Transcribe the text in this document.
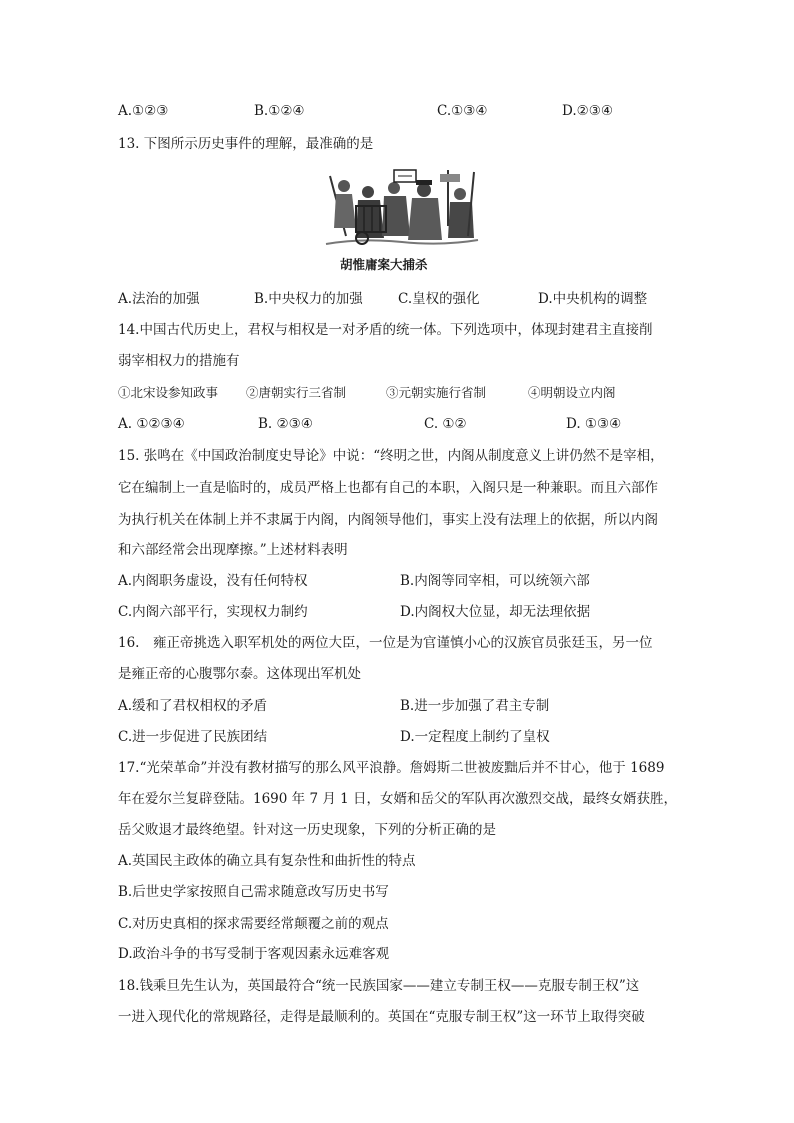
A.①②③	B.①②④	C.①③④	D.②③④
13. 下图所示历史事件的理解，最准确的是
胡惟庸案大捕杀
A.法治的加强	B.中央权力的加强	C.皇权的强化	D.中央机构的调整
14.中国古代历史上，君权与相权是一对矛盾的统一体。下列选项中，体现封建君主直接削
弱宰相权力的措施有
①北宋设参知政事 ②唐朝实行三省制	③元朝实施行省制	④明朝设立内阁
A. ①②③④	B. ②③④	C. ①②	D. ①③④
15. 张鸣在《中国政治制度史导论》中说：“终明之世，内阁从制度意义上讲仍然不是宰相，
它在编制上一直是临时的，成员严格上也都有自己的本职，入阁只是一种兼职。而且六部作
为执行机关在体制上并不隶属于内阁，内阁领导他们，事实上没有法理上的依据，所以内阁
和六部经常会出现摩擦。”上述材料表明
A.内阁职务虚设，没有任何特权	B.内阁等同宰相，可以统领六部
C.内阁六部平行，实现权力制约	D.内阁权大位显，却无法理依据
16.　雍正帝挑选入职军机处的两位大臣，一位是为官谨慎小心的汉族官员张廷玉，另一位
是雍正帝的心腹鄂尔泰。这体现出军机处
A.缓和了君权相权的矛盾	B.进一步加强了君主专制
C.进一步促进了民族团结	D.一定程度上制约了皇权
17.“光荣革命”并没有教材描写的那么风平浪静。詹姆斯二世被废黜后并不甘心，他于 1689
年在爱尔兰复辟登陆。1690 年 7 月 1 日，女婿和岳父的军队再次激烈交战，最终女婿获胜，
岳父败退才最终绝望。针对这一历史现象，下列的分析正确的是
A.英国民主政体的确立具有复杂性和曲折性的特点
B.后世史学家按照自己需求随意改写历史书写
C.对历史真相的探求需要经常颠覆之前的观点
D.政治斗争的书写受制于客观因素永远难客观
18.钱乘旦先生认为，英国最符合“统一民族国家——建立专制王权——克服专制王权”这
一进入现代化的常规路径，走得是最顺利的。英国在“克服专制王权”这一环节上取得突破
